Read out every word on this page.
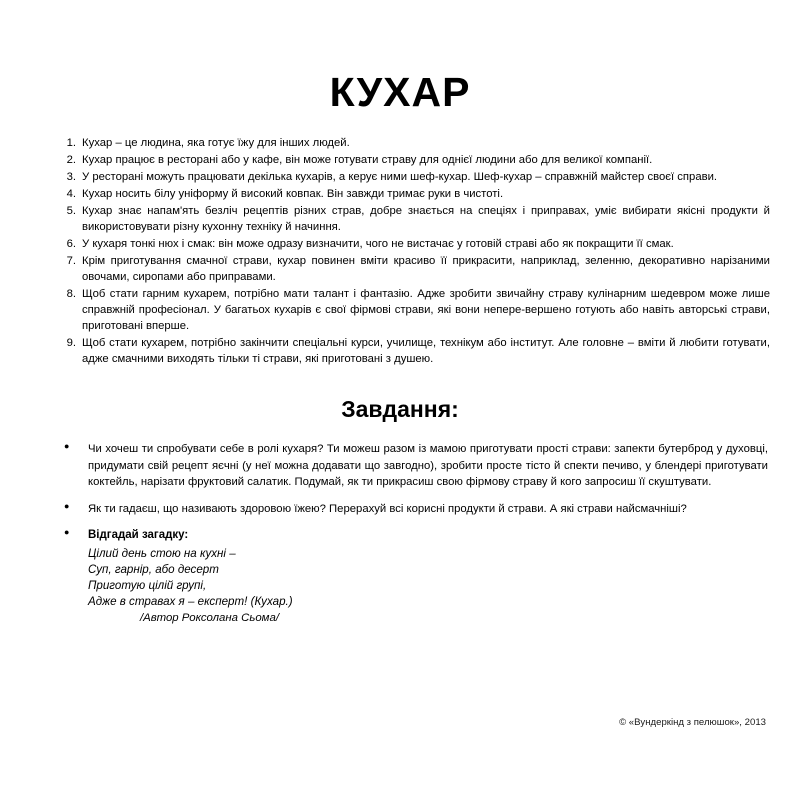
КУХАР
Кухар – це людина, яка готує їжу для інших людей.
Кухар працює в ресторані або у кафе, він може готувати страву для однієї людини або для великої компанії.
У ресторані можуть працювати декілька кухарів, а керує ними шеф-кухар. Шеф-кухар – справжній майстер своєї справи.
Кухар носить білу уніформу й високий ковпак. Він завжди тримає руки в чистоті.
Кухар знає напам'ять безліч рецептів різних страв, добре знається на спеціях і приправах, уміє вибирати якісні продукти й використовувати різну кухонну техніку й начиння.
У кухаря тонкі нюх і смак: він може одразу визначити, чого не вистачає у готовій страві або як покращити її смак.
Крім приготування смачної страви, кухар повинен вміти красиво її прикрасити, наприклад, зеленню, декоративно нарізаними овочами, сиропами або приправами.
Щоб стати гарним кухарем, потрібно мати талант і фантазію. Адже зробити звичайну страву кулінарним шедевром може лише справжній професіонал. У багатьох кухарів є свої фірмові страви, які вони непере-вершено готують або навіть авторські страви, приготовані вперше.
Щоб стати кухарем, потрібно закінчити спеціальні курси, училище, технікум або інститут. Але головне – вміти й любити готувати, адже смачними виходять тільки ті страви, які приготовані з душею.
Завдання:
● Чи хочеш ти спробувати себе в ролі кухаря? Ти можеш разом із мамою приготувати прості страви: запекти бутерброд у духовці, придумати свій рецепт яєчні (у неї можна додавати що завгодно), зробити просте тісто й спекти печиво, у блендері приготувати коктейль, нарізати фруктовий салатик. Подумай, як ти прикрасиш свою фірмову страву й кого запросиш її скуштувати.
● Як ти гадаєш, що називають здоровою їжею? Перерахуй всі корисні продукти й страви. А які страви найсмачніші?
● Відгадай загадку:
Цілий день стою на кухні –
Суп, гарнір, або десерт
Приготую цілій групі,
Адже в стравах я – експерт! (Кухар.)
/Автор Роксолана Сьома/
© «Вундеркінд з пелюшок», 2013
